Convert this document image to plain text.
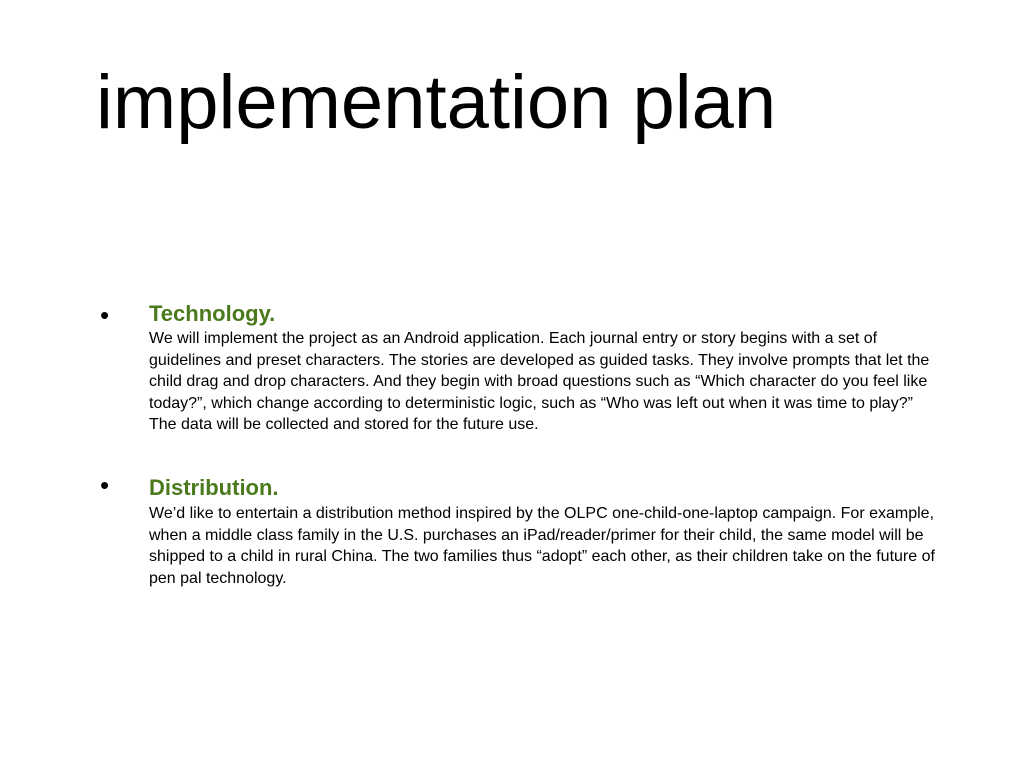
implementation plan
• Technology.

We will implement the project as an Android application. Each journal entry or story begins with a set of guidelines and preset characters. The stories are developed as guided tasks. They involve prompts that let the child drag and drop characters. And they begin with broad questions such as “Which character do you feel like today?”, which change according to deterministic logic, such as “Who was left out when it was time to play?” The data will be collected and stored for the future use.

• Distribution.

We’d like to entertain a distribution method inspired by the OLPC one-child-one-laptop campaign. For example, when a middle class family in the U.S. purchases an iPad/reader/primer for their child, the same model will be shipped to a child in rural China. The two families thus “adopt” each other, as their children take on the future of pen pal technology.
